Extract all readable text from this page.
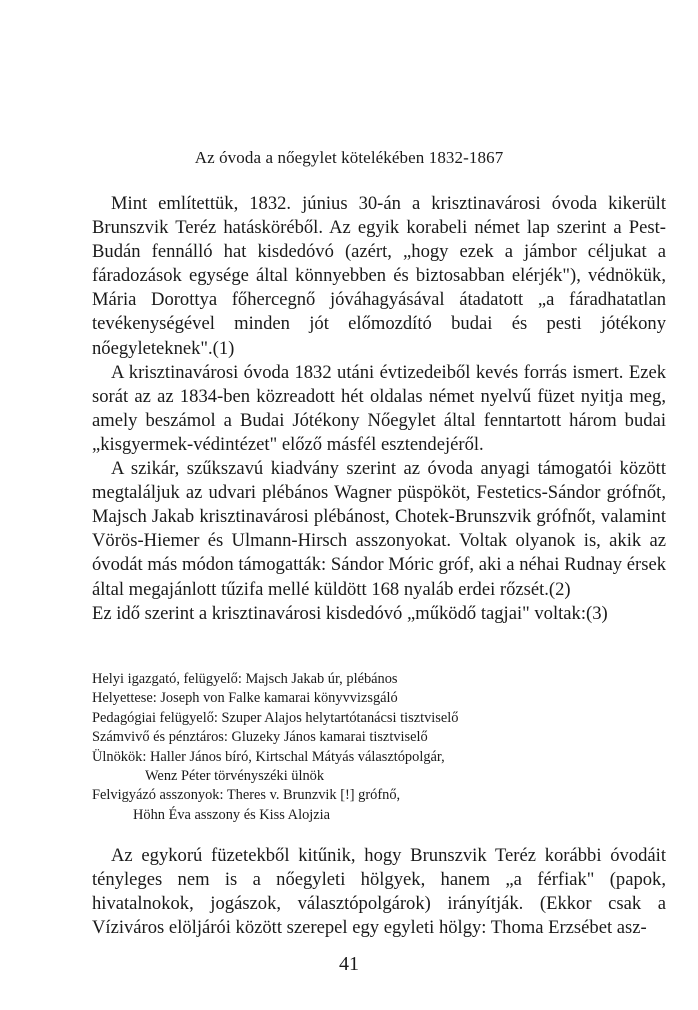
Az óvoda a nőegylet kötelékében 1832-1867

Mint említettük, 1832. június 30-án a krisztinavárosi óvoda kikerült Brunszvik Teréz hatásköréből. Az egyik korabeli német lap szerint a Pest-Budán fennálló hat kisdedóvó (azért, „hogy ezek a jámbor céljukat a fáradozások egysége által könnyebben és biztosabban elérjék"), védnökük, Mária Dorottya főhercegnő jóváhagyásával átadatott „a fáradhatatlan tevékenységével minden jót előmozdító budai és pesti jótékony nőegyleteknek".(1)

A krisztinavárosi óvoda 1832 utáni évtizedeiből kevés forrás ismert. Ezek sorát az az 1834-ben közreadott hét oldalas német nyelvű füzet nyitja meg, amely beszámol a Budai Jótékony Nőegylet által fenntartott három budai „kisgyermek-védintézet" előző másfél esztendejéről.

A szikár, szűkszavú kiadvány szerint az óvoda anyagi támogatói között megtaláljuk az udvari plébános Wagner püspököt, Festetics-Sándor grófnőt, Majsch Jakab krisztinavárosi plébánost, Chotek-Brunszvik grófnőt, valamint Vörös-Hiemer és Ulmann-Hirsch asszonyokat. Voltak olyanok is, akik az óvodát más módon támogatták: Sándor Móric gróf, aki a néhai Rudnay érsek által megajánlott tűzifa mellé küldött 168 nyaláb erdei rőzsét.(2)

Ez idő szerint a krisztinavárosi kisdedóvó „működő tagjai" voltak:(3)

Helyi igazgató, felügyelő: Majsch Jakab úr, plébános
Helyettese: Joseph von Falke kamarai könyvvizsgáló
Pedagógiai felügyelő: Szuper Alajos helytartótanácsi tisztviselő
Számvivő és pénztáros: Gluzeky János kamarai tisztviselő
Ülnökök: Haller János bíró, Kirtschal Mátyás választópolgár,
Wenz Péter törvényszéki ülnök
Felvigyázó asszonyok: Theres v. Brunzvik [!] grófnő,
Höhn Éva asszony és Kiss Alojzia

Az egykorú füzetekből kitűnik, hogy Brunszvik Teréz korábbi óvodáit tényleges nem is a nőegyleti hölgyek, hanem „a férfiak" (papok, hivatalnokok, jogászok, választópolgárok) irányítják. (Ekkor csak a Víziváros elöljárói között szerepel egy egyleti hölgy: Thoma Erzsébet asz-

41
